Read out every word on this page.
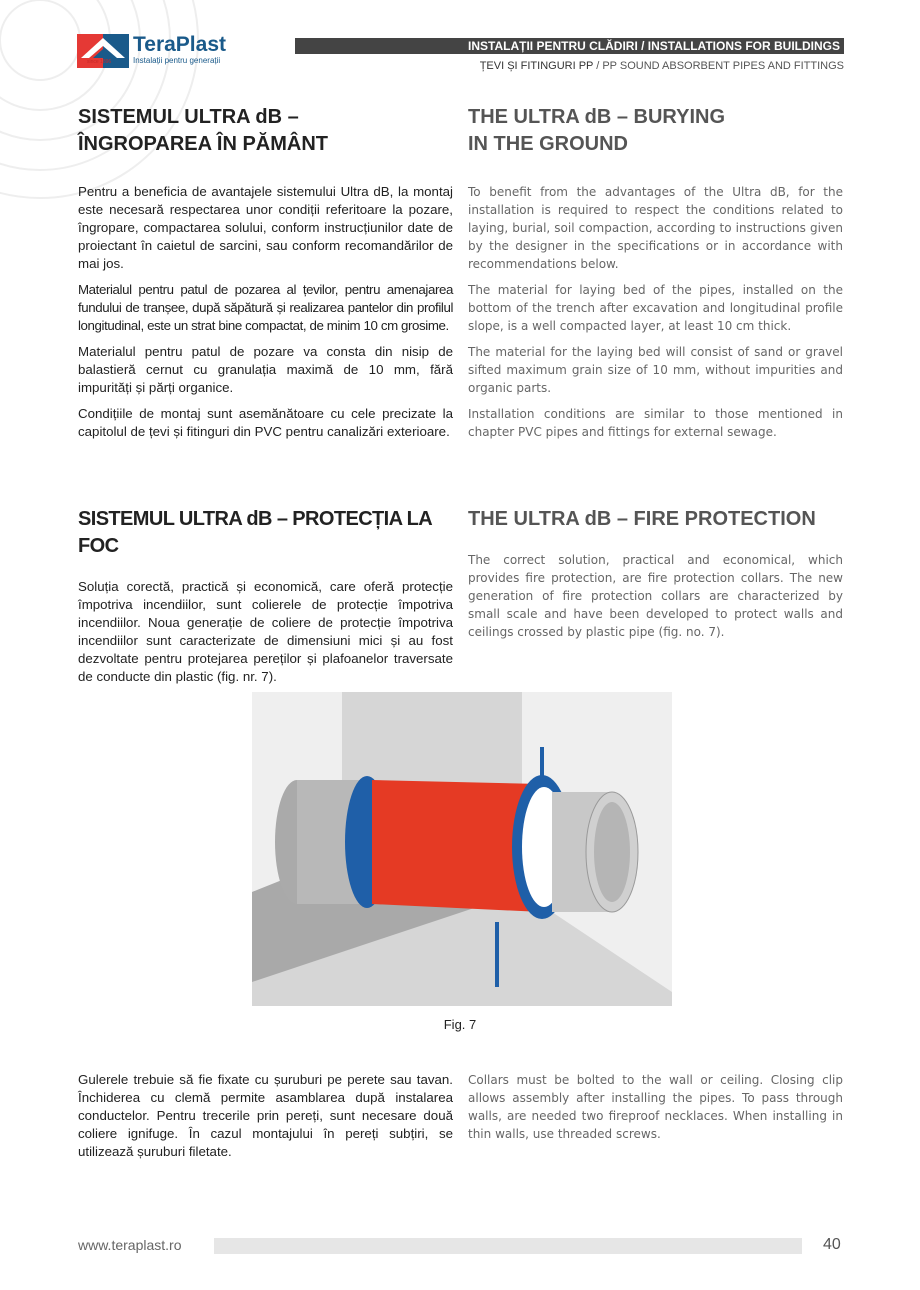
since 1896
TeraPlast
Instalații pentru generații
INSTALAȚII PENTRU CLĂDIRI / INSTALLATIONS FOR BUILDINGS
ȚEVI ȘI FITINGURI PP / PP SOUND ABSORBENT PIPES AND FITTINGS
SISTEMUL ULTRA dB – ÎNGROPAREA ÎN PĂMÂNT

Pentru a beneficia de avantajele sistemului Ultra dB, la montaj este necesară respectarea unor condiții referitoare la pozare, îngropare, compactarea solului, conform instrucțiunilor date de proiectant în caietul de sarcini, sau conform recomandărilor de mai jos.

Materialul pentru patul de pozarea al țevilor, pentru amenajarea fundului de tranșee, după săpătură și realizarea pantelor din profilul longitudinal, este un strat bine compactat, de minim 10 cm grosime.

Materialul pentru patul de pozare va consta din nisip de balastieră cernut cu granulația maximă de 10 mm, fără impurități și părți organice.

Condițiile de montaj sunt asemănătoare cu cele precizate la capitolul de țevi și fitinguri din PVC pentru canalizări exterioare.

THE ULTRA dB – BURYING IN THE GROUND

To benefit from the advantages of the Ultra dB, for the installation is required to respect the conditions related to laying, burial, soil compaction, according to instructions given by the designer in the specifications or in accordance with recommendations below.

The material for laying bed of the pipes, installed on the bottom of the trench after excavation and longitudinal profile slope, is a well compacted layer, at least 10 cm thick.

The material for the laying bed will consist of sand or gravel sifted maximum grain size of 10 mm, without impurities and organic parts.

Installation conditions are similar to those mentioned in chapter PVC pipes and fittings for external sewage.

SISTEMUL ULTRA dB – PROTECȚIA LA FOC

Soluția corectă, practică și economică, care oferă protecție împotriva incendiilor, sunt colierele de protecție împotriva incendiilor. Noua generație de coliere de protecție împotriva incendiilor sunt caracterizate de dimensiuni mici și au fost dezvoltate pentru protejarea pereților și plafoanelor traversate de conducte din plastic (fig. nr. 7).

THE ULTRA dB – FIRE PROTECTION

The correct solution, practical and economical, which provides fire protection, are fire protection collars. The new generation of fire protection collars are characterized by small scale and have been developed to protect walls and ceilings crossed by plastic pipe (fig. no. 7).

Fig. 7

Gulerele trebuie să fie fixate cu șuruburi pe perete sau tavan. Închiderea cu clemă permite asamblarea după instalarea conductelor. Pentru trecerile prin pereți, sunt necesare două coliere ignifuge. În cazul montajului în pereți subțiri, se utilizează șuruburi filetate.

Collars must be bolted to the wall or ceiling. Closing clip allows assembly after installing the pipes. To pass through walls, are needed two fireproof necklaces. When installing in thin walls, use threaded screws.

www.teraplast.ro	40
